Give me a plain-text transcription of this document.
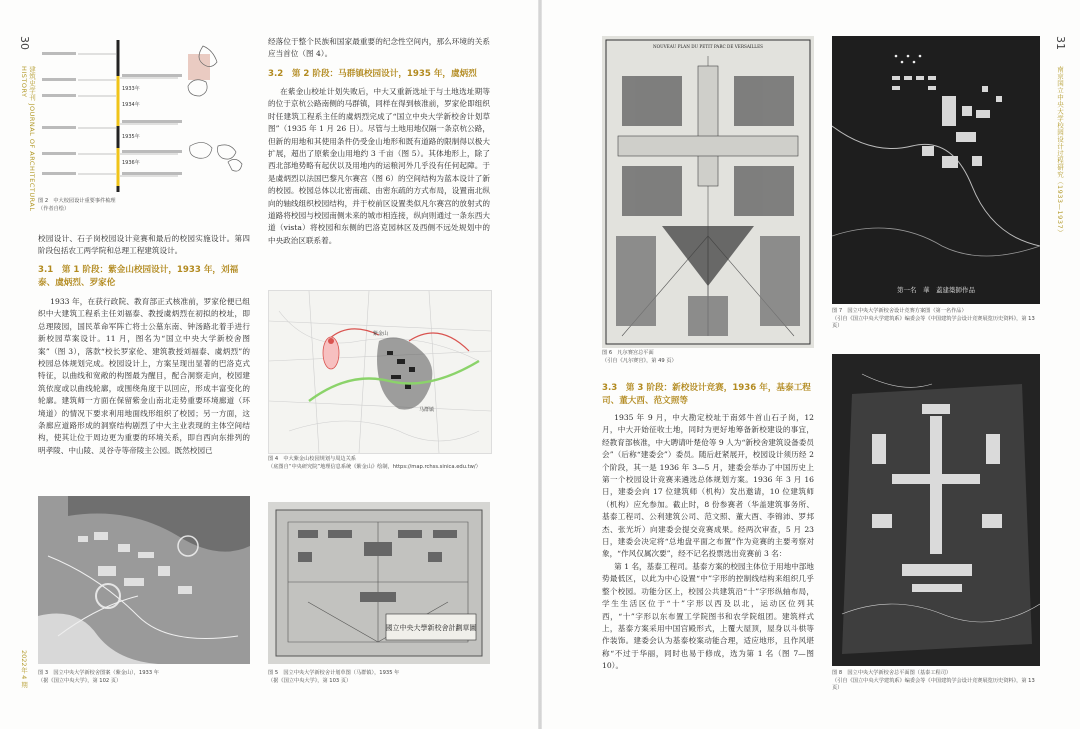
30
建筑史学刊 JOURNAL OF ARCHITECTURAL HISTORY
2022年 4 期
1933年
1934年
1935年
1936年
图 2　中大校园设计重要事件梳理
（作者自绘）

校园设计、石子岗校园设计竞赛和最后的校园实施设计。第四阶段包括农工两学院和总理工程建筑设计。

3.1　第 1 阶段：紫金山校园设计，1933 年，刘福泰、虞炳烈、罗家伦

1933 年，在获行政院、教育部正式核准前，罗家伦便已组织中大建筑工程系主任刘福泰、教授虞炳烈在初拟的校址，即总理陵园，国民革命军阵亡将士公墓东南、钟汤路北着手进行新校园草案设计。11 月，图名为“国立中央大学新校舍图案”（图 3），落款“校长罗家伦、建筑教授刘福泰、虞炳烈”的校园总体规划完成。校园设计上，方案呈现出显著的巴洛克式特征，以曲线和宽敞的构图最为醒目，配合洞察走向，校园建筑依度或以曲线轮廓，或围绕角度于以回应，形成丰富变化的轮廓。建筑师一方面在保留紫金山南北走势重要环境廊道（环境道）的情况下要求利用地面线形组织了校园；另一方面，这条廊应道路形成的洞察结构剧烈了中大主业表现的主体空间结构，使其让位于周边更为重要的环境关系，即自西向东排列的明孝陵、中山陵、灵谷寺等帝陵主公园。既然校园已

图 3　国立中央大学新校舍图案（紫金山），1933 年
（据《国立中央大学》，第 102 页）

经落位于整个民族和国家最重要的纪念性空间内，那么环境的关系应当首位（图 4）。

3.2　第 2 阶段：马群镇校园设计，1935 年，虞炳烈

在紫金山校址计划失败后，中大又重新选址于与土地选址期等的位于京杭公路南侧的马群镇，同样在得到核准前，罗家伦即组织时任建筑工程系主任的虞炳烈完成了“国立中央大学新校舍计划草图”（1935 年 1 月 26 日）。尽管与土地用地仅隔一条京杭公路，但新的用地和其使用条件仍受金山地形和既有道路的限制得以极大扩展，超出了原紫金山用地约 3 千亩（图 5）。其体地形上，除了西北部地势略有起伏以及用地内的运粮河外几乎没有任何起障。于是虞炳烈以法国巴黎凡尔赛宫（图 6）的空间结构为蓝本设计了新的校园。校园总体以北密南疏、由密东疏的方式布局，设置南北纵向的轴线组织校园结构，并于校前区设置类似凡尔赛宫的放射式的道路将校园与校园南侧未来的城市相连接，纵向则通过一条东西大道（vista）将校园和东侧的巴洛克园林区及西侧不远处规划中的中央政治区联系着。

紫金山
马群镇
图 4　中大紫金山校园规划与周边关系
（底图自“中央研究院”地理信息系统《紫金山》绘制，https://map.rchss.sinica.edu.tw/）
國立中央大學新校舍計劃草圖
图 5　国立中央大学新校舍计划草图（马群镇），1935 年
（据《国立中央大学》，第 103 页）
31
南京国立中央大学校园设计过程研究（1933—1937）
NOUVEAU PLAN DU PETIT PARC DE VERSAILLES
图 6　凡尔赛宫总平面
（引自《凡尔赛宫》，第 49 页）
第一名　華　蓋建築師作品
图 7　国立中央大学新校舍设计竞赛方案图（第一名作品）
（引自《国立中央大学建筑系》编委会等《中国建筑学会设计竞赛展览历史资料》，第 13 页）
3.3　第 3 阶段：新校设计竞赛，1936 年，基泰工程司、董大酉、范文照等

1935 年 9 月，中大勘定校址于南郊牛首山石子岗，12 月，中大开始征收土地，同时为更好地筹备新校建设的事宜，经教育部核准，中大聘请叶楚伧等 9 人为“新校舍建筑设备委员会”（后称“建委会”）委员。随后赶紧展开，校园设计须历经 2 个阶段，其一是 1936 年 3—5 月，建委会举办了中国历史上第一个校园设计竞赛来遴选总体规划方案。1936 年 3 月 16 日，建委会向 17 位建筑师（机构）发出邀请，10 位建筑师（机构）应允参加。截止时，8 份参赛者（华盖建筑事务所、基泰工程司、公利建筑公司、范文照、董大酉、李锦沛、罗邦杰、张光圻）向建委会提交竞赛成果。经两次审查，5 月 23 日，建委会决定将“总地盘平面之布置”作为竞赛的主要考察对象，“作风仅属次要”，经不记名投票选出竞赛前 3 名：

第 1 名，基泰工程司。基泰方案的校园主体位于用地中部地势最低区，以此为中心设置“中”字形的控制线结构来组织几乎整个校园。功能分区上，校园公共建筑沿“十”字形纵轴布局，学生生活区位于“十”字形以西及以北，运动区位列其西，“十”字形以东布置工学院图书和农学院组团。建筑样式上，基泰方案采用中国宫殿形式，上覆大屋顶，屋身以斗栱等作装饰。建委会认为基泰校案动能合理，适应地形，且作风堪称“不过于华丽，同时也易于修成，选为第 1 名（图 7—图 10）。

图 8　国立中央大学新校舍总平面图（基泰工程司）
（引自《国立中央大学建筑系》编委会等《中国建筑学会设计竞赛展览历史资料》，第 13 页）
